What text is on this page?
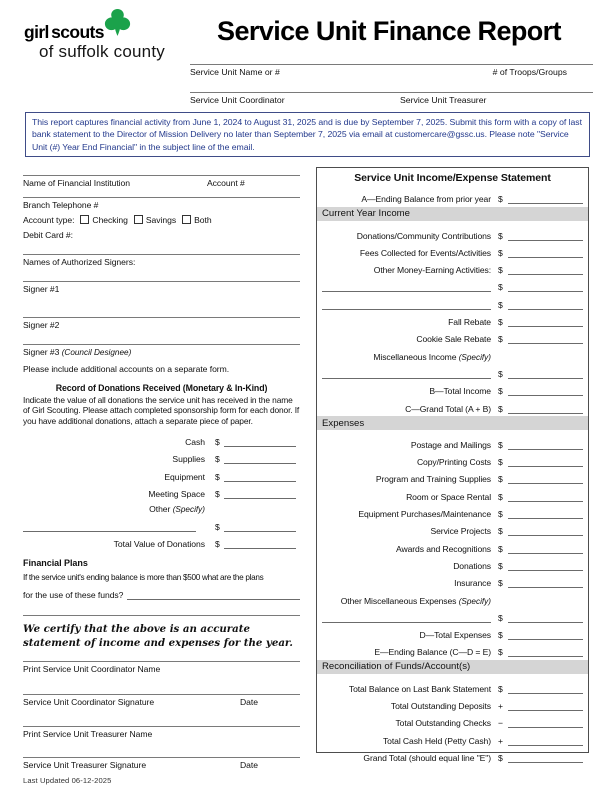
girl scouts
of suffolk county
Service Unit Finance Report
Service Unit Name or #	# of Troops/Groups
Service Unit Coordinator	Service Unit Treasurer
This report captures financial activity from June 1, 2024 to August 31, 2025 and is due by September 7, 2025. Submit this form with a copy of last bank statement to the Director of Mission Delivery no later than September 7, 2025 via email at customercare@gssc.us. Please note "Service Unit (#) Year End Financial" in the subject line of the email.
Name of Financial Institution	Account #
Branch Telephone #
Account type: Checking Savings Both
Debit Card #:
Names of Authorized Signers:
Signer #1
Signer #2
Signer #3 (Council Designee)
Please include additional accounts on a separate form.
Record of Donations Received (Monetary & In-Kind)
Indicate the value of all donations the service unit has received in the name of Girl Scouting. Please attach completed sponsorship form for each donor. If you have additional donations, attach a separate piece of paper.
Cash $
Supplies $
Equipment $
Meeting Space $
Other (Specify)
$
Total Value of Donations $
Financial Plans
If the service unit's ending balance is more than $500 what are the plans
for the use of these funds?
We certify that the above is an accurate statement of income and expenses for the year.
Print Service Unit Coordinator Name
Service Unit Coordinator Signature	Date
Print Service Unit Treasurer Name
Service Unit Treasurer Signature	Date
Last Updated 06-12-2025
Service Unit Income/Expense Statement
A—Ending Balance from prior year $
Current Year Income
Donations/Community Contributions $
Fees Collected for Events/Activities $
Other Money-Earning Activities: $
$
$
Fall Rebate $
Cookie Sale Rebate $
Miscellaneous Income (Specify)
$
B—Total Income $
C—Grand Total (A + B) $
Expenses
Postage and Mailings $
Copy/Printing Costs $
Program and Training Supplies $
Room or Space Rental $
Equipment Purchases/Maintenance $
Service Projects $
Awards and Recognitions $
Donations $
Insurance $
Other Miscellaneous Expenses (Specify)
$
D—Total Expenses $
E—Ending Balance (C—D = E) $
Reconciliation of Funds/Account(s)
Total Balance on Last Bank Statement $
Total Outstanding Deposits +
Total Outstanding Checks −
Total Cash Held (Petty Cash) +
Grand Total (should equal line "E") $
